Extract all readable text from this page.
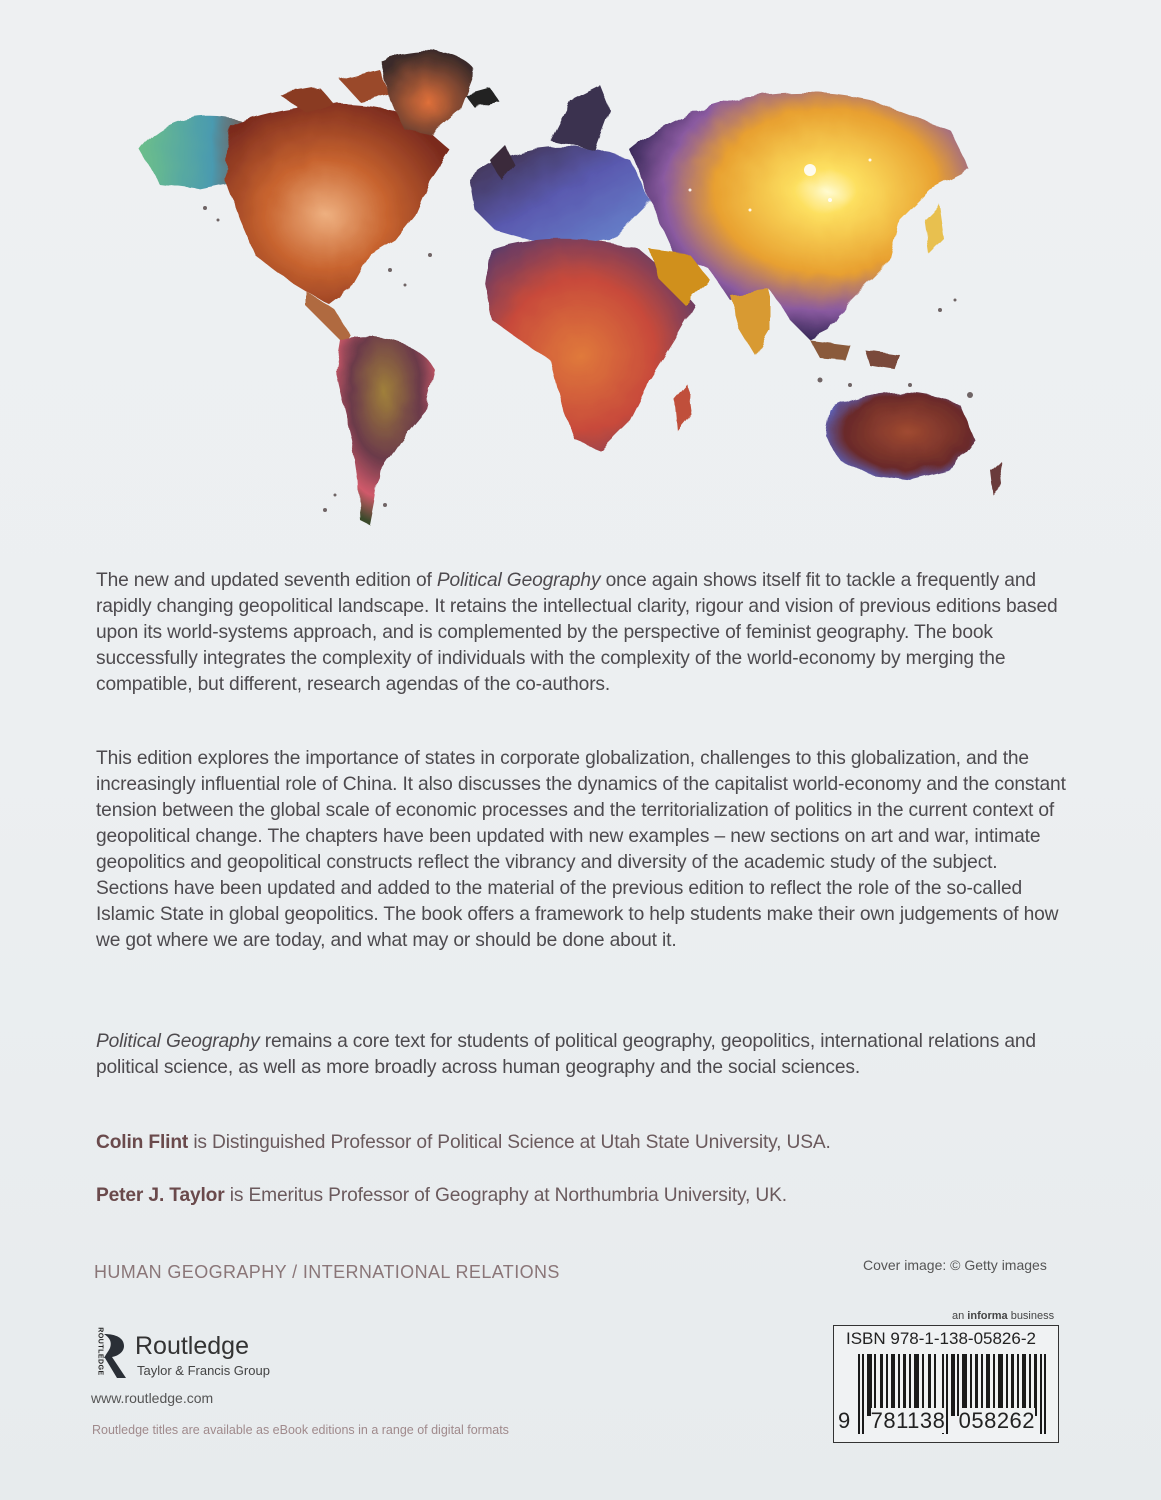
The new and updated seventh edition of Political Geography once again shows itself fit to tackle a frequently and rapidly changing geopolitical landscape. It retains the intellectual clarity, rigour and vision of previous editions based upon its world-systems approach, and is complemented by the perspective of feminist geography. The book successfully integrates the complexity of individuals with the complexity of the world-economy by merging the compatible, but different, research agendas of the co-authors.

This edition explores the importance of states in corporate globalization, challenges to this globalization, and the increasingly influential role of China. It also discusses the dynamics of the capitalist world-economy and the constant tension between the global scale of economic processes and the territorialization of politics in the current context of geopolitical change. The chapters have been updated with new examples – new sections on art and war, intimate geopolitics and geopolitical constructs reflect the vibrancy and diversity of the academic study of the subject. Sections have been updated and added to the material of the previous edition to reflect the role of the so-called Islamic State in global geopolitics. The book offers a framework to help students make their own judgements of how we got where we are today, and what may or should be done about it.

Political Geography remains a core text for students of political geography, geopolitics, international relations and political science, as well as more broadly across human geography and the social sciences.

Colin Flint is Distinguished Professor of Political Science at Utah State University, USA.
Peter J. Taylor is Emeritus Professor of Geography at Northumbria University, UK.
HUMAN GEOGRAPHY / INTERNATIONAL RELATIONS	Cover image: © Getty images
ROUTLEDGE Routledge
Taylor & Francis Group
www.routledge.com
Routledge titles are available as eBook editions in a range of digital formats
an informa business
ISBN 978-1-138-05826-2
9 781138 058262
